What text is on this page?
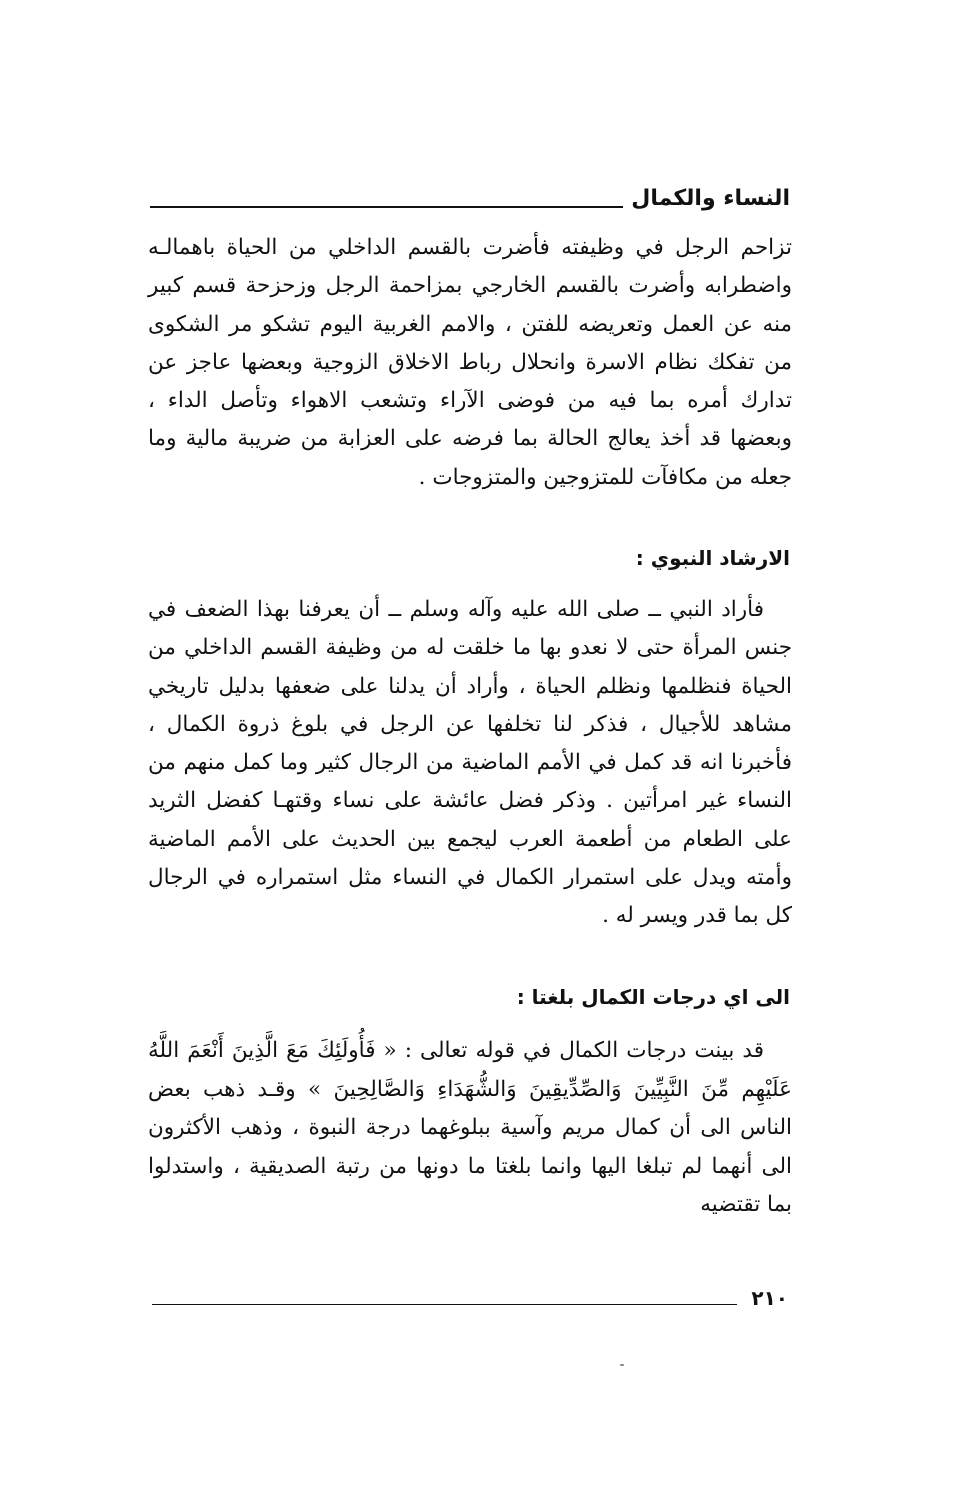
النساء والكمال

تزاحم الرجل في وظيفته فأضرت بالقسم الداخلي من الحياة باهمالـه واضطرابه وأضرت بالقسم الخارجي بمزاحمة الرجل وزحزحة قسم كبير منه عن العمل وتعريضه للفتن ، والامم الغربية اليوم تشكو مر الشكوى من تفكك نظام الاسرة وانحلال رباط الاخلاق الزوجية وبعضها عاجز عن تدارك أمره بما فيه من فوضى الآراء وتشعب الاهواء وتأصل الداء ، وبعضها قد أخذ يعالج الحالة بما فرضه على العزابة من ضريبة مالية وما جعله من مكافآت للمتزوجين والمتزوجات .

الارشاد النبوي :

فأراد النبي ــ صلى الله عليه وآله وسلم ــ أن يعرفنا بهذا الضعف في جنس المرأة حتى لا نعدو بها ما خلقت له من وظيفة القسم الداخلي من الحياة فنظلمها ونظلم الحياة ، وأراد أن يدلنا على ضعفها بدليل تاريخي مشاهد للأجيال ، فذكر لنا تخلفها عن الرجل في بلوغ ذروة الكمال ، فأخبرنا انه قد كمل في الأمم الماضية من الرجال كثير وما كمل منهم من النساء غير امرأتين . وذكر فضل عائشة على نساء وقتهـا كفضل الثريد على الطعام من أطعمة العرب ليجمع بين الحديث على الأمم الماضية وأمته ويدل على استمرار الكمال في النساء مثل استمراره في الرجال كل بما قدر ويسر له .

الى اي درجات الكمال بلغتا :

قد بينت درجات الكمال في قوله تعالى : « فَأُولَئِكَ مَعَ الَّذِينَ أَنْعَمَ اللَّهُ عَلَيْهِم مِّنَ النَّبِيِّينَ وَالصِّدِّيقِينَ وَالشُّهَدَاءِ وَالصَّالِحِينَ » وقـد ذهب بعض الناس الى أن كمال مريم وآسية ببلوغهما درجة النبوة ، وذهب الأكثرون الى أنهما لم تبلغا اليها وانما بلغتا ما دونها من رتبة الصديقية ، واستدلوا بما تقتضيه

٢١٠
